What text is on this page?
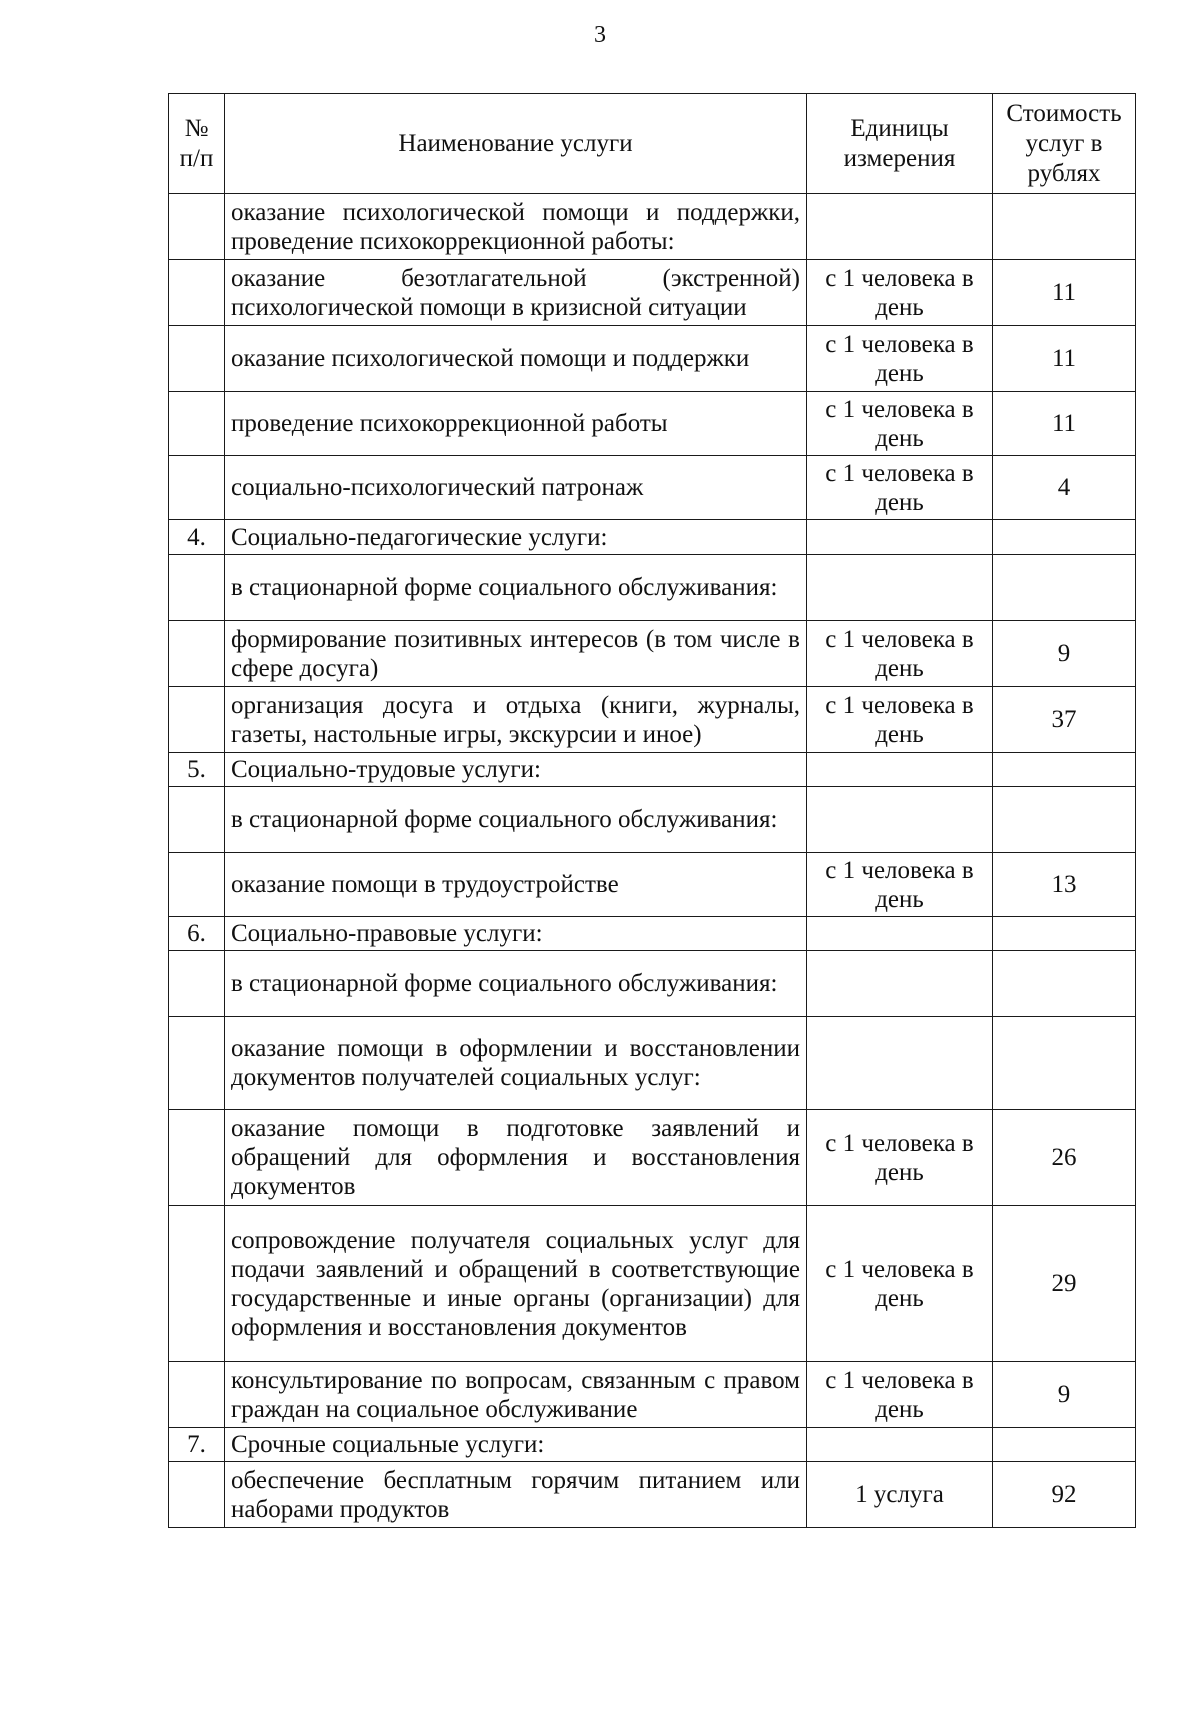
3
№ п/п	Наименование услуги	Единицы измерения	Стоимость услуг в рублях
	оказание психологической помощи и поддержки, проведение психокоррекционной работы:		
	оказание безотлагательной (экстренной) психологической помощи в кризисной ситуации	с 1 человека в день	11
	оказание психологической помощи и поддержки	с 1 человека в день	11
	проведение психокоррекционной работы	с 1 человека в день	11
	социально-психологический патронаж	с 1 человека в день	4
4.	Социально-педагогические услуги:		
	в стационарной форме социального обслуживания:		
	формирование позитивных интересов (в том числе в сфере досуга)	с 1 человека в день	9
	организация досуга и отдыха (книги, журналы, газеты, настольные игры, экскурсии и иное)	с 1 человека в день	37
5.	Социально-трудовые услуги:		
	в стационарной форме социального обслуживания:		
	оказание помощи в трудоустройстве	с 1 человека в день	13
6.	Социально-правовые услуги:		
	в стационарной форме социального обслуживания:		
	оказание помощи в оформлении и восстановлении документов получателей социальных услуг:		
	оказание помощи в подготовке заявлений и обращений для оформления и восстановления документов	с 1 человека в день	26
	сопровождение получателя социальных услуг для подачи заявлений и обращений в соответствующие государственные и иные органы (организации) для оформления и восстановления документов	с 1 человека в день	29
	консультирование по вопросам, связанным с правом граждан на социальное обслуживание	с 1 человека в день	9
7.	Срочные социальные услуги:		
	обеспечение бесплатным горячим питанием или наборами продуктов	1 услуга	92
